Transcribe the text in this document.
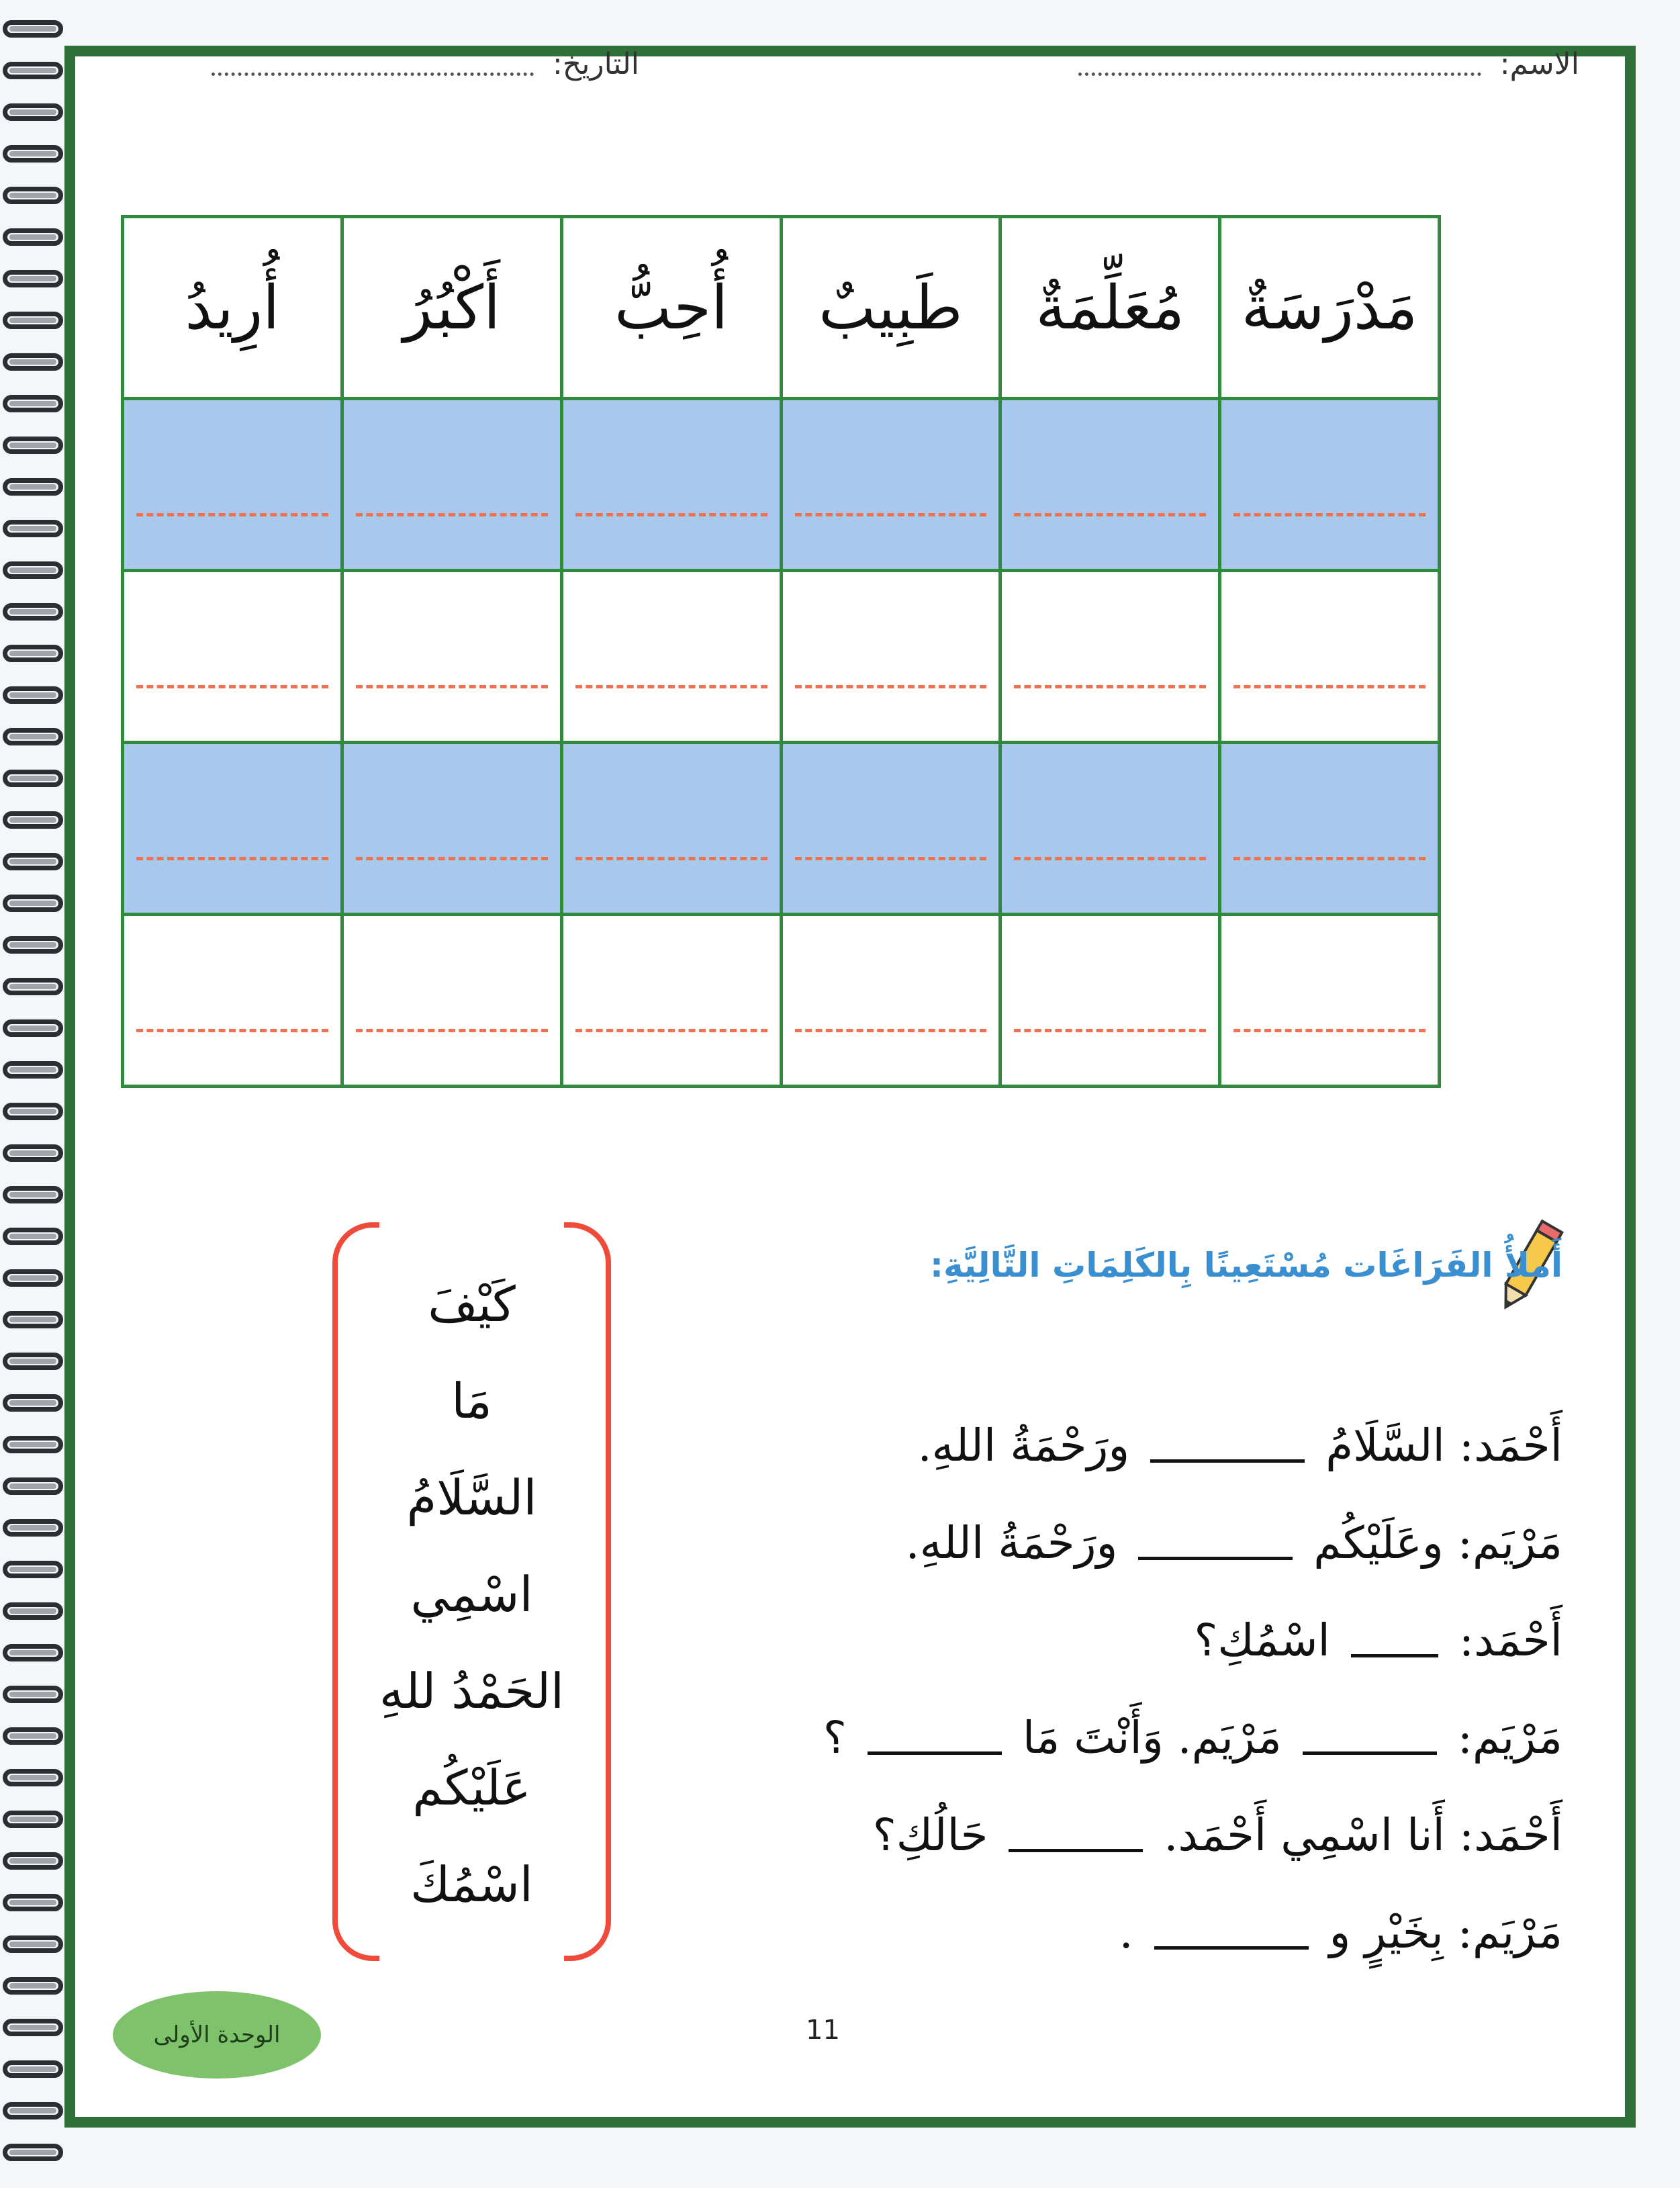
الاسم:
التاريخ:
مَدْرَسَةٌ	مُعَلِّمَةٌ	طَبِيبٌ	أُحِبُّ	أَكْبُرُ	أُرِيدُ

أَملأُ الفَرَاغَات مُسْتَعِينًا بِالكَلِمَاتِ التَّالِيَّةِ:
كَيْفَ
مَا
السَّلَامُ
اسْمِي
الحَمْدُ للهِ
عَلَيْكُم
اسْمُكَ
أَحْمَد: السَّلَامُ  ورَحْمَةُ اللهِ.
مَرْيَم: وعَلَيْكُم  ورَحْمَةُ اللهِ.
أَحْمَد:  اسْمُكِ؟
مَرْيَم:  مَرْيَم. وَأَنْتَ مَا  ؟
أَحْمَد: أَنا اسْمِي أَحْمَد.  حَالُكِ؟
مَرْيَم: بِخَيْرٍ و  .
الوحدة الأولى	11
